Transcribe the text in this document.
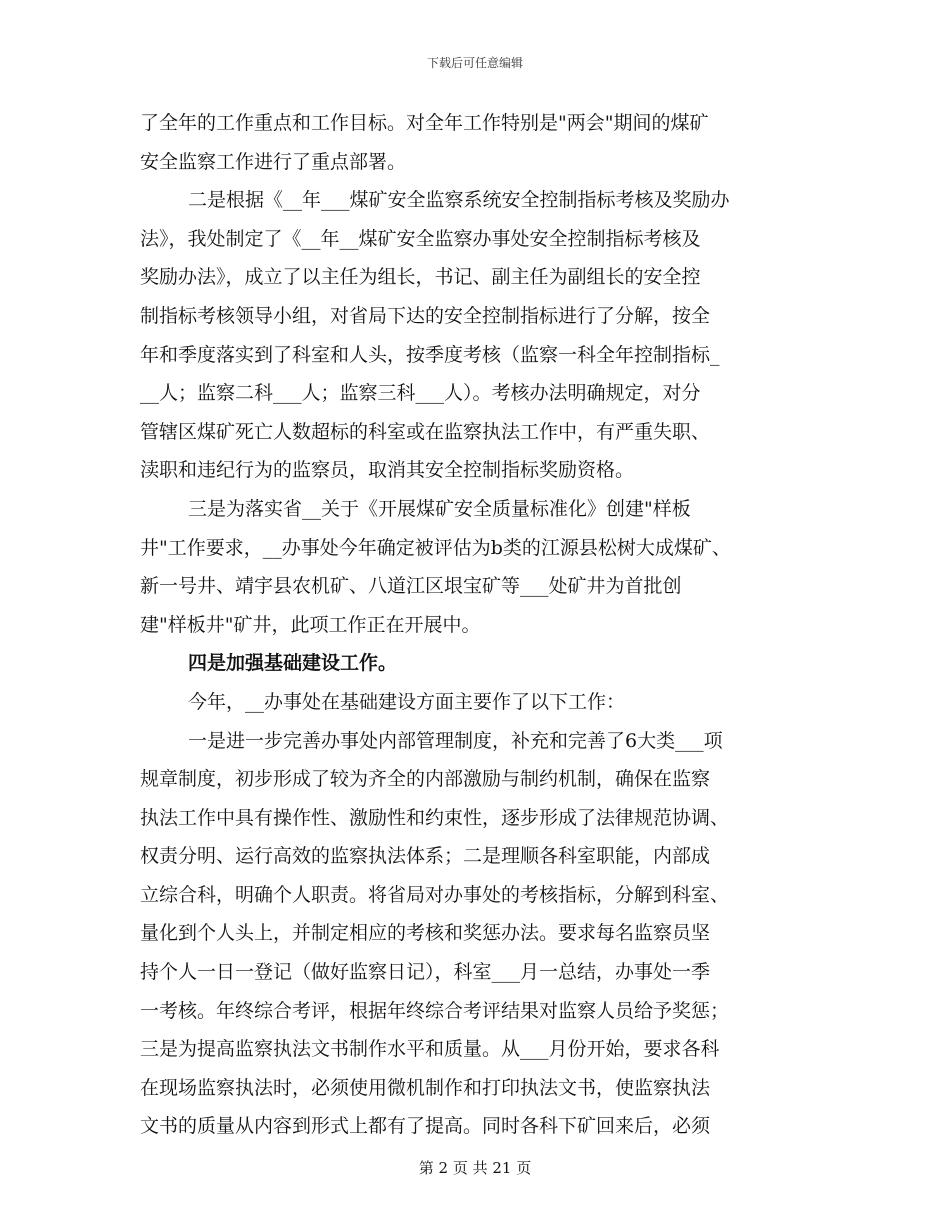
下载后可任意编辑
了全年的工作重点和工作目标。对全年工作特别是"两会"期间的煤矿
安全监察工作进行了重点部署。
二是根据《__年___煤矿安全监察系统安全控制指标考核及奖励办
法》，我处制定了《__年__煤矿安全监察办事处安全控制指标考核及
奖励办法》，成立了以主任为组长，书记、副主任为副组长的安全控
制指标考核领导小组，对省局下达的安全控制指标进行了分解，按全
年和季度落实到了科室和人头，按季度考核（监察一科全年控制指标_
__人；监察二科___人；监察三科___人）。考核办法明确规定，对分
管辖区煤矿死亡人数超标的科室或在监察执法工作中，有严重失职、
渎职和违纪行为的监察员，取消其安全控制指标奖励资格。
三是为落实省__关于《开展煤矿安全质量标准化》创建"样板
井"工作要求，__办事处今年确定被评估为b类的江源县松树大成煤矿、
新一号井、靖宇县农机矿、八道江区垠宝矿等___处矿井为首批创
建"样板井"矿井，此项工作正在开展中。
四是加强基础建设工作。
今年，__办事处在基础建设方面主要作了以下工作：
一是进一步完善办事处内部管理制度，补充和完善了6大类___项
规章制度，初步形成了较为齐全的内部激励与制约机制，确保在监察
执法工作中具有操作性、激励性和约束性，逐步形成了法律规范协调、
权责分明、运行高效的监察执法体系；二是理顺各科室职能，内部成
立综合科，明确个人职责。将省局对办事处的考核指标，分解到科室、
量化到个人头上，并制定相应的考核和奖惩办法。要求每名监察员坚
持个人一日一登记（做好监察日记），科室___月一总结，办事处一季
一考核。年终综合考评，根据年终综合考评结果对监察人员给予奖惩；
三是为提高监察执法文书制作水平和质量。从___月份开始，要求各科
在现场监察执法时，必须使用微机制作和打印执法文书，使监察执法
文书的质量从内容到形式上都有了提高。同时各科下矿回来后，必须
第 2 页 共 21 页
